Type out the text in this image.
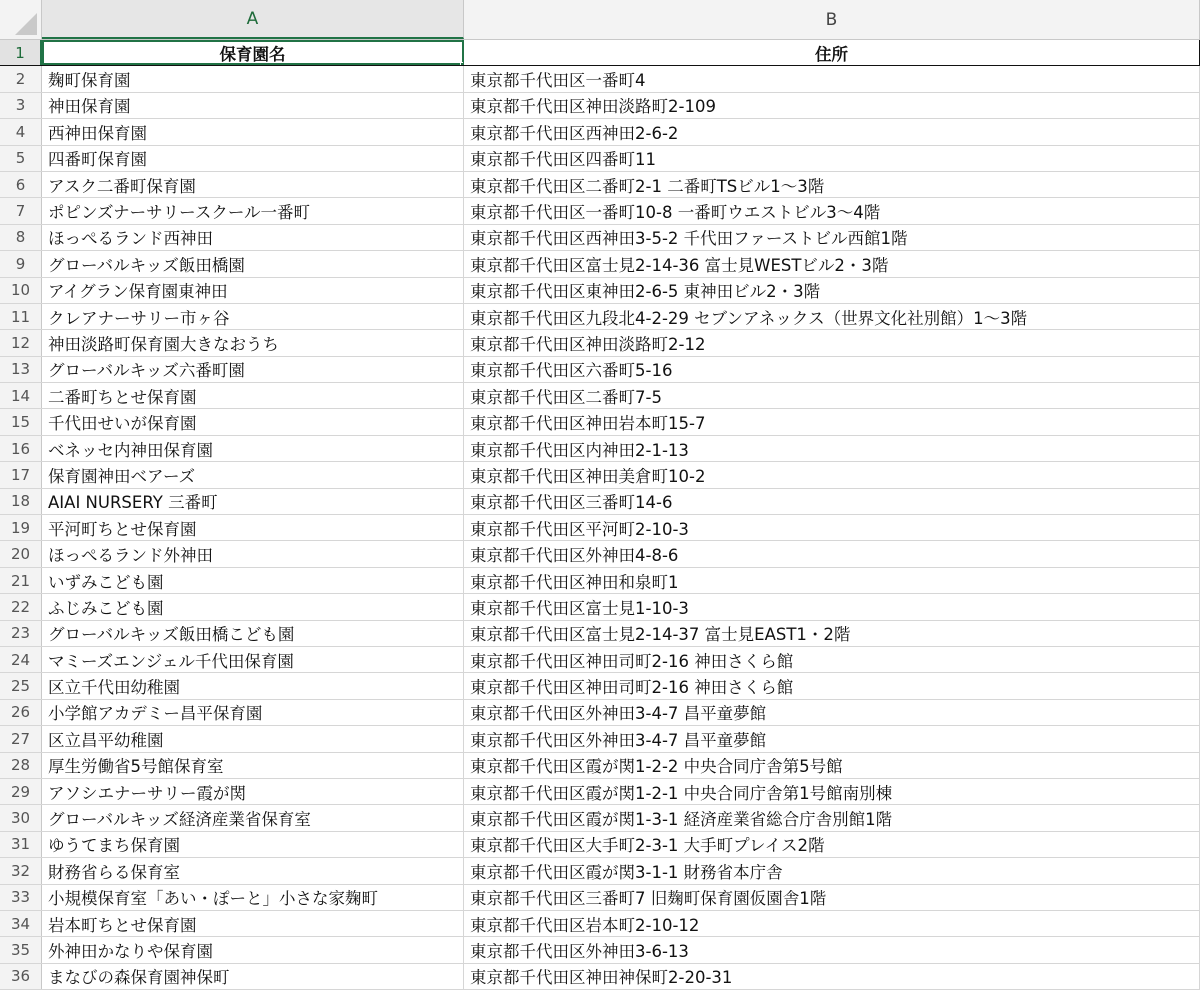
A	B
1	保育園名	住所
2	麹町保育園	東京都千代田区一番町4
3	神田保育園	東京都千代田区神田淡路町2-109
4	西神田保育園	東京都千代田区西神田2-6-2
5	四番町保育園	東京都千代田区四番町11
6	アスク二番町保育園	東京都千代田区二番町2-1 二番町TSビル1～3階
7	ポピンズナーサリースクール一番町	東京都千代田区一番町10-8 一番町ウエストビル3～4階
8	ほっぺるランド西神田	東京都千代田区西神田3-5-2 千代田ファーストビル西館1階
9	グローバルキッズ飯田橋園	東京都千代田区富士見2-14-36 富士見WESTビル2・3階
10	アイグラン保育園東神田	東京都千代田区東神田2-6-5 東神田ビル2・3階
11	クレアナーサリー市ヶ谷	東京都千代田区九段北4-2-29 セブンアネックス（世界文化社別館）1～3階
12	神田淡路町保育園大きなおうち	東京都千代田区神田淡路町2-12
13	グローバルキッズ六番町園	東京都千代田区六番町5-16
14	二番町ちとせ保育園	東京都千代田区二番町7-5
15	千代田せいが保育園	東京都千代田区神田岩本町15-7
16	ベネッセ内神田保育園	東京都千代田区内神田2-1-13
17	保育園神田ベアーズ	東京都千代田区神田美倉町10-2
18	AIAI NURSERY 三番町	東京都千代田区三番町14-6
19	平河町ちとせ保育園	東京都千代田区平河町2-10-3
20	ほっぺるランド外神田	東京都千代田区外神田4-8-6
21	いずみこども園	東京都千代田区神田和泉町1
22	ふじみこども園	東京都千代田区富士見1-10-3
23	グローバルキッズ飯田橋こども園	東京都千代田区富士見2-14-37 富士見EAST1・2階
24	マミーズエンジェル千代田保育園	東京都千代田区神田司町2-16 神田さくら館
25	区立千代田幼稚園	東京都千代田区神田司町2-16 神田さくら館
26	小学館アカデミー昌平保育園	東京都千代田区外神田3-4-7 昌平童夢館
27	区立昌平幼稚園	東京都千代田区外神田3-4-7 昌平童夢館
28	厚生労働省5号館保育室	東京都千代田区霞が関1-2-2 中央合同庁舎第5号館
29	アソシエナーサリー霞が関	東京都千代田区霞が関1-2-1 中央合同庁舎第1号館南別棟
30	グローバルキッズ経済産業省保育室	東京都千代田区霞が関1-3-1 経済産業省総合庁舎別館1階
31	ゆうてまち保育園	東京都千代田区大手町2-3-1 大手町プレイス2階
32	財務省らる保育室	東京都千代田区霞が関3-1-1 財務省本庁舎
33	小規模保育室「あい・ぽーと」小さな家麹町	東京都千代田区三番町7 旧麹町保育園仮園舎1階
34	岩本町ちとせ保育園	東京都千代田区岩本町2-10-12
35	外神田かなりや保育園	東京都千代田区外神田3-6-13
36	まなびの森保育園神保町	東京都千代田区神田神保町2-20-31
